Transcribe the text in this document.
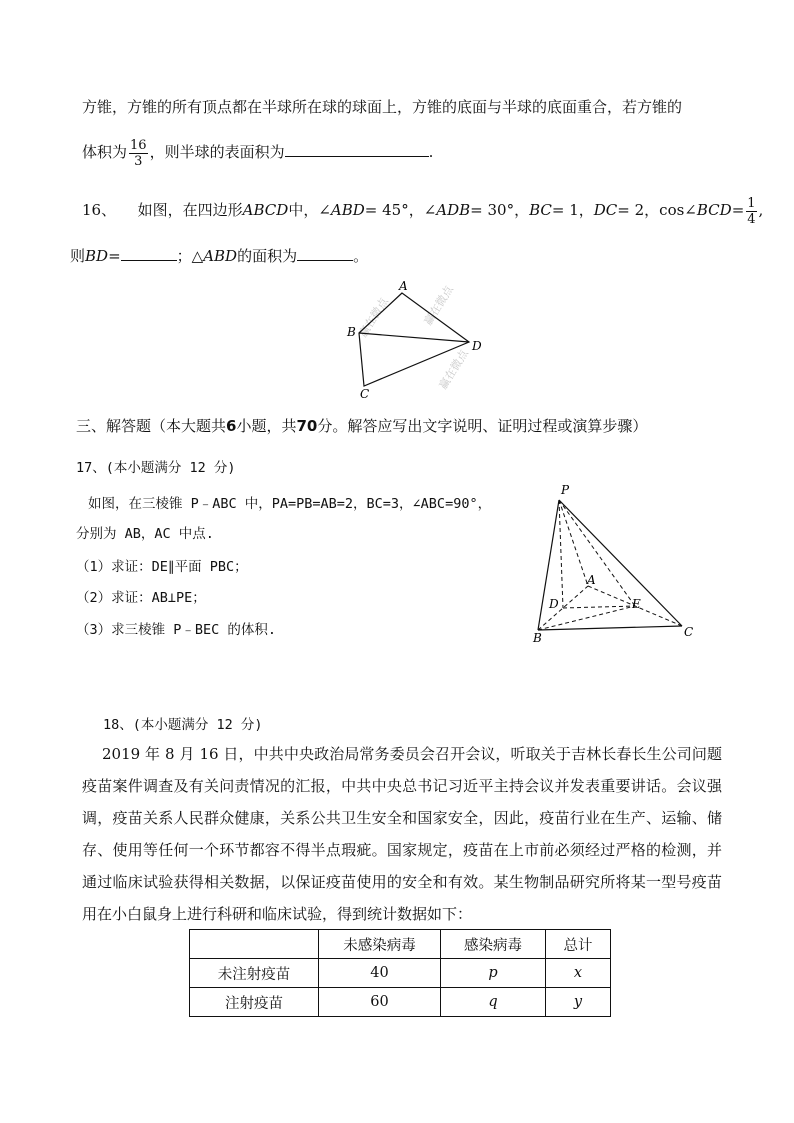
方锥，方锥的所有顶点都在半球所在球的球面上，方锥的底面与半球的底面重合，若方锥的
体积为 $\frac{16}{3}$ ，则半球的表面积为	.
16、 如图，在四边形ABCD中，∠ABD= 45°，∠ADB= 30°，BC= 1，DC= 2，cos∠BCD= $\frac{1}{4}$ ,
则BD=	；△ABD的面积为	。
赢在微点	赢在微点
赢在微点
A
B
C
D
三、解答题（本大题共6小题，共70分。解答应写出文字说明、证明过程或演算步骤）
17、(本小题满分 12 分)
如图，在三棱锥 P﹣ABC 中，PA=PB=AB=2，BC=3，∠ABC=90°，
分别为 AB，AC 中点.
（1）求证：DE∥平面 PBC；
（2）求证：AB⊥PE；
（3）求三棱锥 P﹣BEC 的体积.
P
A
B	C
D	E
18、(本小题满分 12 分)
2019 年 8 月 16 日，中共中央政治局常务委员会召开会议，听取关于吉林长春长生公司问题疫苗案件调查及有关问责情况的汇报，中共中央总书记习近平主持会议并发表重要讲话。会议强调，疫苗关系人民群众健康，关系公共卫生安全和国家安全，因此，疫苗行业在生产、运输、储存、使用等任何一个环节都容不得半点瑕疵。国家规定，疫苗在上市前必须经过严格的检测，并通过临床试验获得相关数据，以保证疫苗使用的安全和有效。某生物制品研究所将某一型号疫苗用在小白鼠身上进行科研和临床试验，得到统计数据如下：
	未感染病毒	感染病毒	总计
未注射疫苗	40	p	x
注射疫苗	60	q	y
